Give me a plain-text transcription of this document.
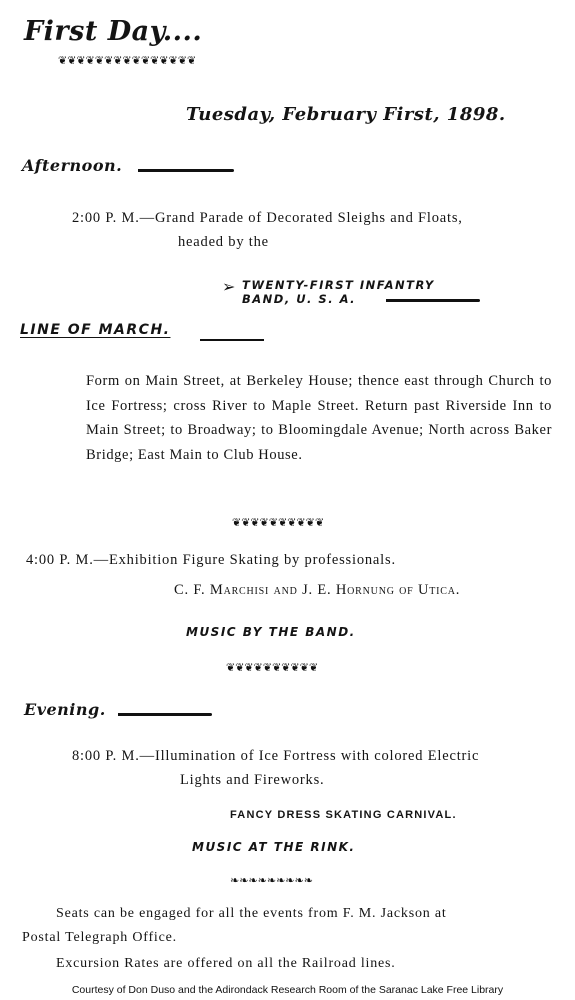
First Day....
❦❦❦❦❦❦❦❦❦❦❦❦❦❦❦
Tuesday, February First, 1898.
Afternoon.
2:00 P. M.—Grand Parade of Decorated Sleighs and Floats,
headed by the
➢ TWENTY-FIRST INFANTRY
BAND, U. S. A.
LINE OF MARCH.
Form on Main Street, at Berkeley House; thence east through Church to Ice Fortress; cross River to Maple Street. Return past Riverside Inn to Main Street; to Broadway; to Bloomingdale Avenue; North across Baker Bridge; East Main to Club House.
❦❦❦❦❦❦❦❦❦❦
4:00 P. M.—Exhibition Figure Skating by professionals.
C. F. Marchisi and J. E. Hornung of Utica.
MUSIC BY THE BAND.
❦❦❦❦❦❦❦❦❦❦
Evening.
8:00 P. M.—Illumination of Ice Fortress with colored Electric
Lights and Fireworks.
FANCY DRESS SKATING CARNIVAL.
MUSIC AT THE RINK.
❧❧❧❧❧❧❧❧❧
Seats can be engaged for all the events from F. M. Jackson at
Postal Telegraph Office.
Excursion Rates are offered on all the Railroad lines.
Courtesy of Don Duso and the Adirondack Research Room of the Saranac Lake Free Library
